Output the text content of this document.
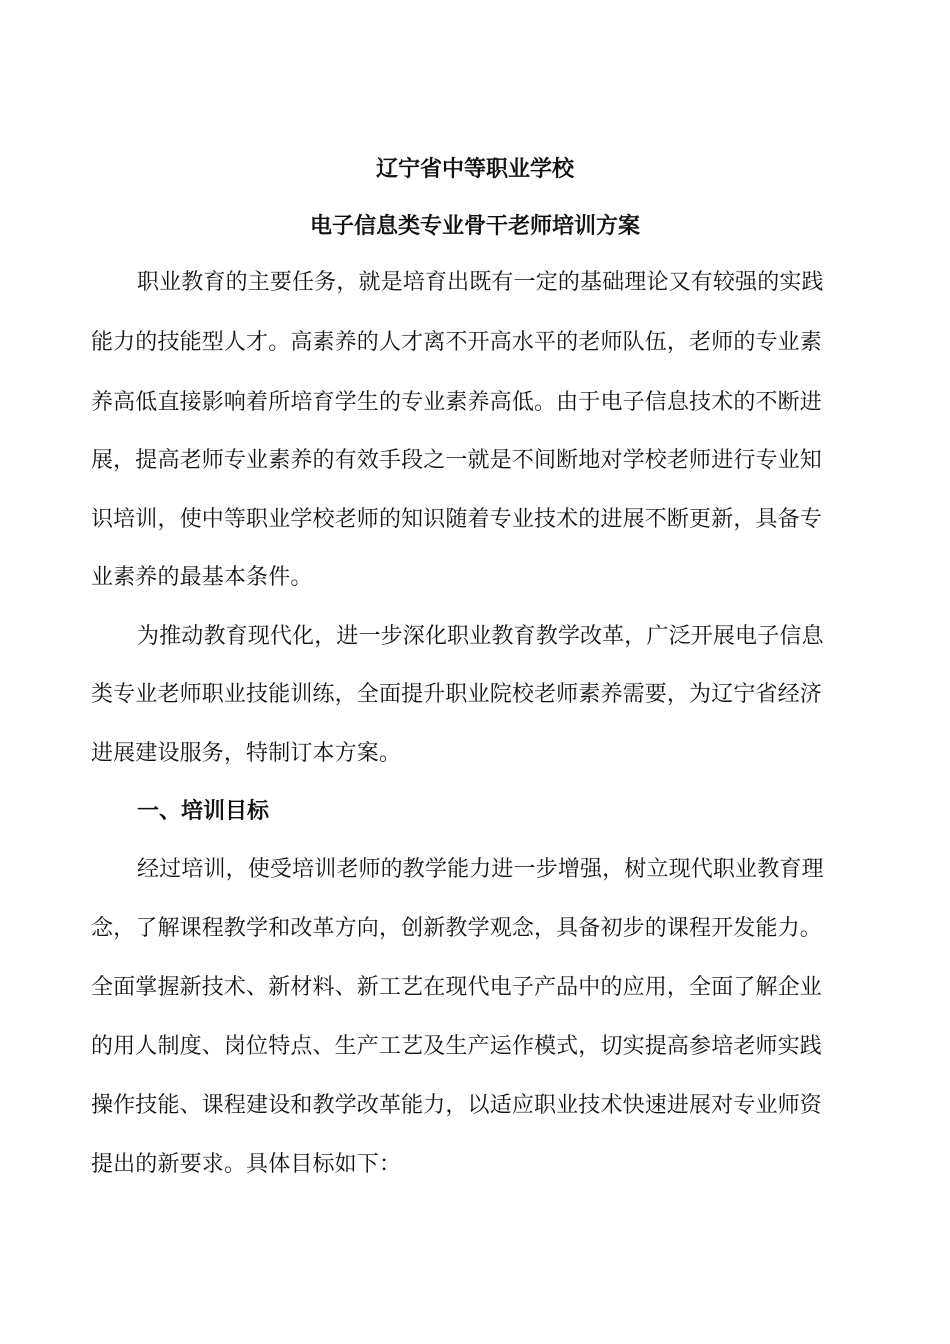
辽宁省中等职业学校
电子信息类专业骨干老师培训方案
职业教育的主要任务，就是培育出既有一定的基础理论又有较强的实践
能力的技能型人才。高素养的人才离不开高水平的老师队伍，老师的专业素
养高低直接影响着所培育学生的专业素养高低。由于电子信息技术的不断进
展，提高老师专业素养的有效手段之一就是不间断地对学校老师进行专业知
识培训，使中等职业学校老师的知识随着专业技术的进展不断更新，具备专
业素养的最基本条件。
为推动教育现代化，进一步深化职业教育教学改革，广泛开展电子信息
类专业老师职业技能训练，全面提升职业院校老师素养需要，为辽宁省经济
进展建设服务，特制订本方案。
一、培训目标
经过培训，使受培训老师的教学能力进一步增强，树立现代职业教育理
念，了解课程教学和改革方向，创新教学观念，具备初步的课程开发能力。
全面掌握新技术、新材料、新工艺在现代电子产品中的应用，全面了解企业
的用人制度、岗位特点、生产工艺及生产运作模式，切实提高参培老师实践
操作技能、课程建设和教学改革能力，以适应职业技术快速进展对专业师资
提出的新要求。具体目标如下：
